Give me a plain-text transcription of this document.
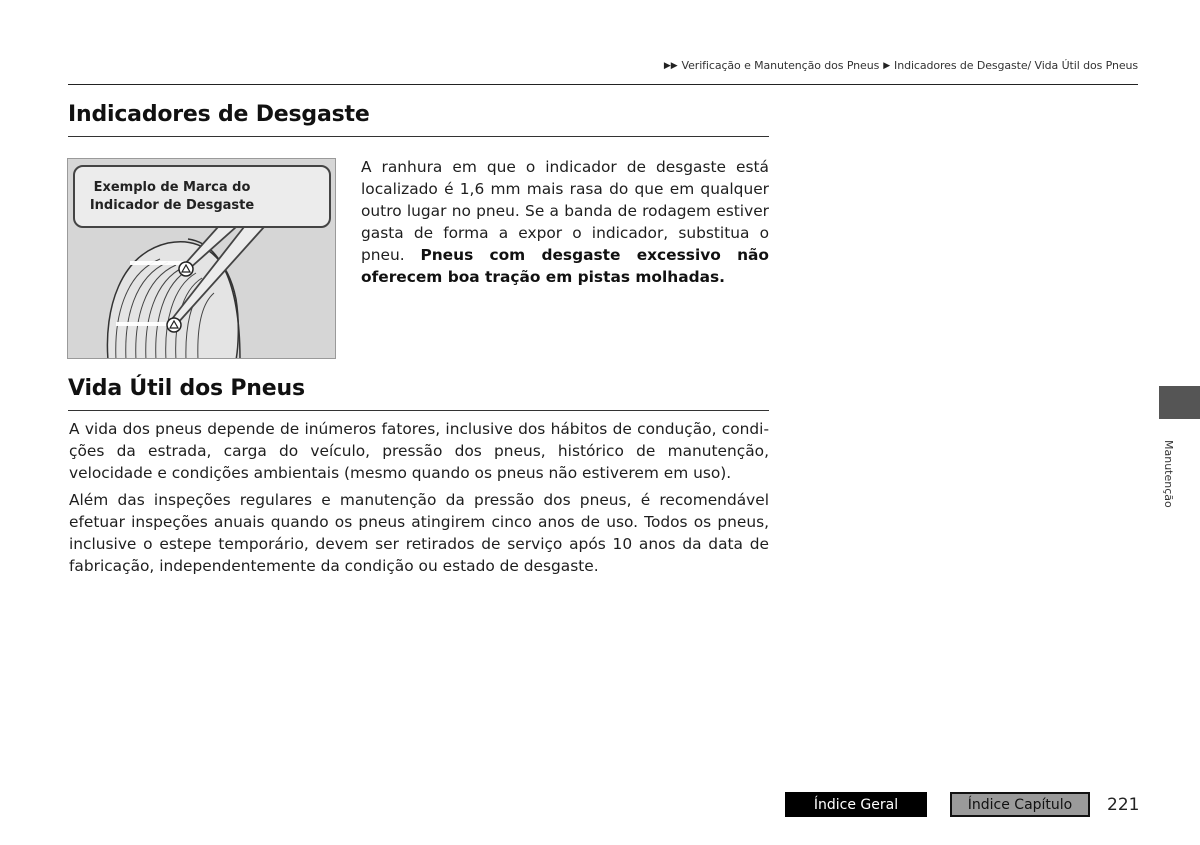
▶▶ Verificação e Manutenção dos Pneus ▶ Indicadores de Desgaste/ Vida Útil dos Pneus
Indicadores de Desgaste
Exemplo de Marca do
Indicador de Desgaste

A ranhura em que o indicador de desgaste está localizado é 1,6 mm mais rasa do que em qualquer outro lugar no pneu. Se a banda de rodagem estiver gasta de forma a expor o indicador, substitua o pneu. Pneus com desgaste excessivo não oferecem boa tração em pistas molhadas.

Vida Útil dos Pneus

A vida dos pneus depende de inúmeros fatores, inclusive dos hábitos de condução, condições da estrada, carga do veículo, pressão dos pneus, histórico de manutenção, velocidade e condições ambientais (mesmo quando os pneus não estiverem em uso).

Além das inspeções regulares e manutenção da pressão dos pneus, é recomendável efetuar inspeções anuais quando os pneus atingirem cinco anos de uso. Todos os pneus, inclusive o estepe temporário, devem ser retirados de serviço após 10 anos da data de fabricação, independentemente da condição ou estado de desgaste.

Manutenção
Índice Geral	Índice Capítulo	221
